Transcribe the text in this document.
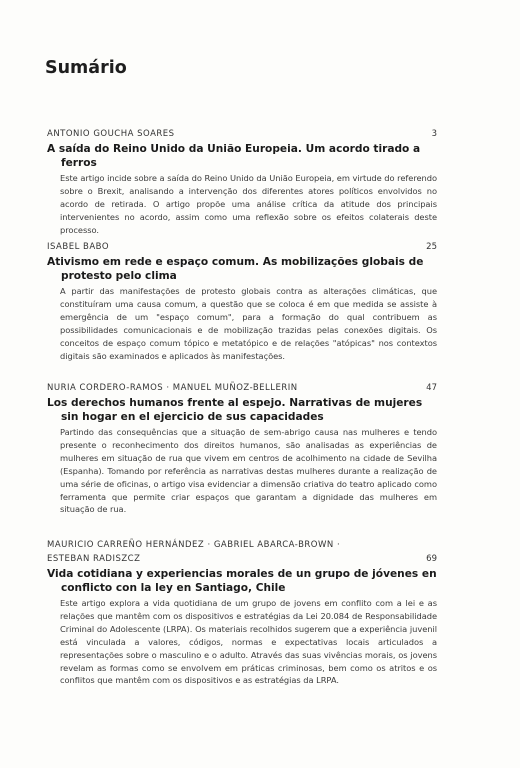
Sumário
ANTONIO GOUCHA SOARES	3
A saída do Reino Unido da União Europeia. Um acordo tirado a ferros
Este artigo incide sobre a saída do Reino Unido da União Europeia, em virtude do referendo sobre o Brexit, analisando a intervenção dos diferentes atores políticos envolvidos no acordo de retirada. O artigo propõe uma análise crítica da atitude dos principais intervenientes no acordo, assim como uma reflexão sobre os efeitos colaterais deste processo.
ISABEL BABO	25
Ativismo em rede e espaço comum. As mobilizações globais de protesto pelo clima
A partir das manifestações de protesto globais contra as alterações climáticas, que constituíram uma causa comum, a questão que se coloca é em que medida se assiste à emergência de um "espaço comum", para a formação do qual contribuem as possibilidades comunicacionais e de mobilização trazidas pelas conexões digitais. Os conceitos de espaço comum tópico e metatópico e de relações "atópicas" nos contextos digitais são examinados e aplicados às manifestações.
NURIA CORDERO-RAMOS · MANUEL MUÑOZ-BELLERIN	47
Los derechos humanos frente al espejo. Narrativas de mujeres sin hogar en el ejercicio de sus capacidades
Partindo das consequências que a situação de sem-abrigo causa nas mulheres e tendo presente o reconhecimento dos direitos humanos, são analisadas as experiências de mulheres em situação de rua que vivem em centros de acolhimento na cidade de Sevilha (Espanha). Tomando por referência as narrativas destas mulheres durante a realização de uma série de oficinas, o artigo visa evidenciar a dimensão criativa do teatro aplicado como ferramenta que permite criar espaços que garantam a dignidade das mulheres em situação de rua.
MAURICIO CARREÑO HERNÁNDEZ · GABRIEL ABARCA-BROWN · ESTEBAN RADISZCZ	69
Vida cotidiana y experiencias morales de un grupo de jóvenes en conflicto con la ley en Santiago, Chile
Este artigo explora a vida quotidiana de um grupo de jovens em conflito com a lei e as relações que mantêm com os dispositivos e estratégias da Lei 20.084 de Responsabilidade Criminal do Adolescente (LRPA). Os materiais recolhidos sugerem que a experiência juvenil está vinculada a valores, códigos, normas e expectativas locais articulados a representações sobre o masculino e o adulto. Através das suas vivências morais, os jovens revelam as formas como se envolvem em práticas criminosas, bem como os atritos e os conflitos que mantêm com os dispositivos e as estratégias da LRPA.
